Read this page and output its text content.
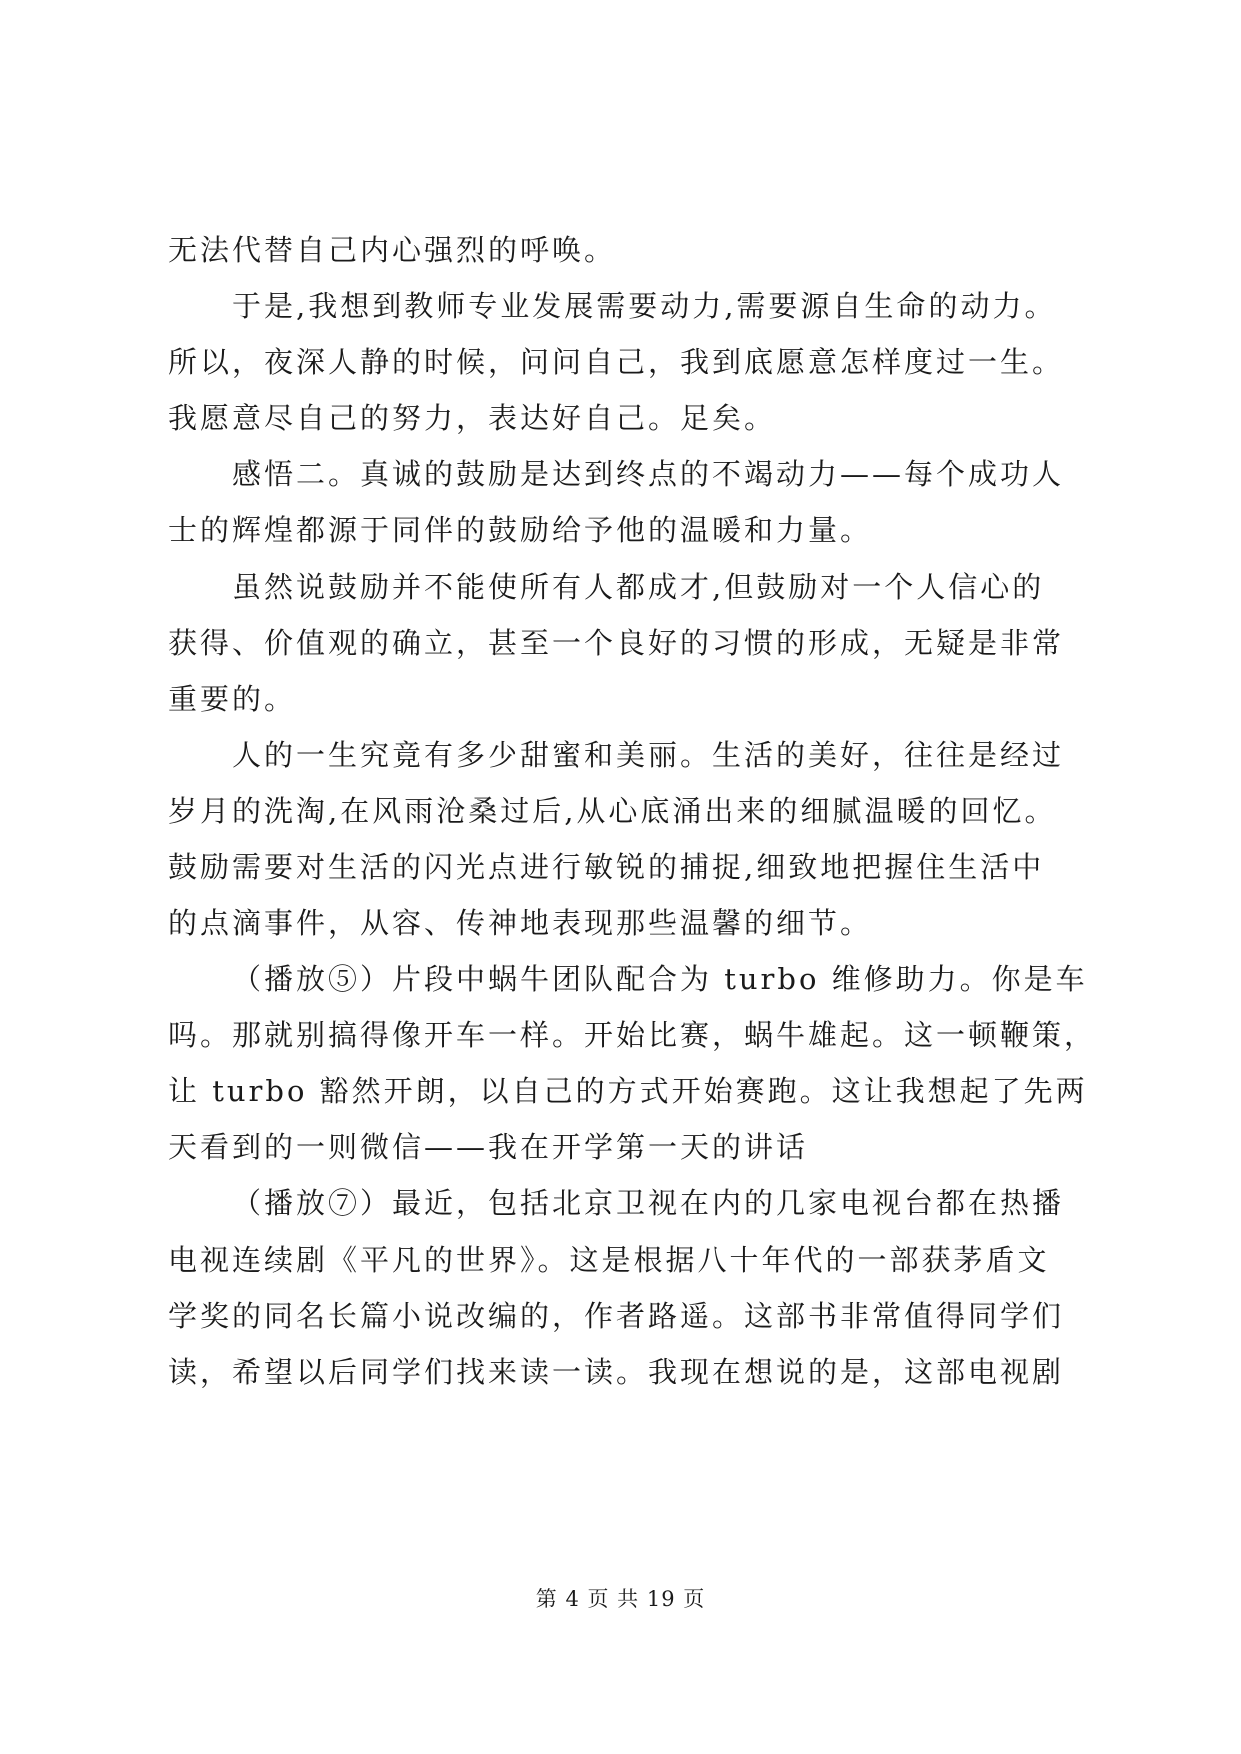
无法代替自己内心强烈的呼唤。
于是,我想到教师专业发展需要动力,需要源自生命的动力。
所以，夜深人静的时候，问问自己，我到底愿意怎样度过一生。
我愿意尽自己的努力，表达好自己。足矣。
感悟二。真诚的鼓励是达到终点的不竭动力——每个成功人
士的辉煌都源于同伴的鼓励给予他的温暖和力量。
虽然说鼓励并不能使所有人都成才,但鼓励对一个人信心的
获得、价值观的确立，甚至一个良好的习惯的形成，无疑是非常
重要的。
人的一生究竟有多少甜蜜和美丽。生活的美好，往往是经过
岁月的洗淘,在风雨沧桑过后,从心底涌出来的细腻温暖的回忆。
鼓励需要对生活的闪光点进行敏锐的捕捉,细致地把握住生活中
的点滴事件，从容、传神地表现那些温馨的细节。
（播放⑤）片段中蜗牛团队配合为 turbo 维修助力。你是车
吗。那就别搞得像开车一样。开始比赛，蜗牛雄起。这一顿鞭策，
让 turbo 豁然开朗，以自己的方式开始赛跑。这让我想起了先两
天看到的一则微信——我在开学第一天的讲话
（播放⑦）最近，包括北京卫视在内的几家电视台都在热播
电视连续剧《平凡的世界》。这是根据八十年代的一部获茅盾文
学奖的同名长篇小说改编的，作者路遥。这部书非常值得同学们
读，希望以后同学们找来读一读。我现在想说的是，这部电视剧
第 4 页 共 19 页
